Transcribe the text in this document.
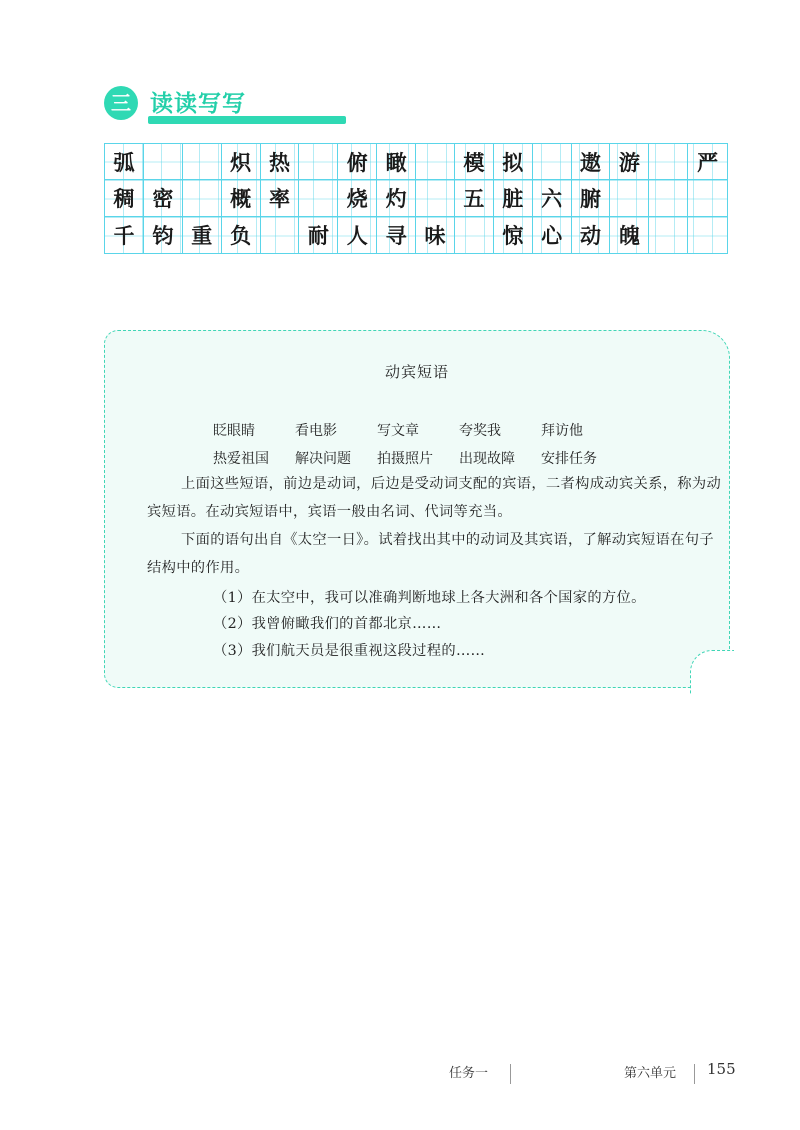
三 读读写写
弧	炽 热	俯 瞰	模 拟	遨 游	严
稠 密	概 率	烧 灼	五 脏 六 腑
千 钧 重 负	耐 人 寻 味	惊 心 动 魄
动宾短语
眨眼睛	看电影	写文章	夸奖我	拜访他
热爱祖国	解决问题	拍摄照片	出现故障	安排任务
上面这些短语，前边是动词，后边是受动词支配的宾语，二者构成动宾关系，称为动宾短语。在动宾短语中，宾语一般由名词、代词等充当。
下面的语句出自《太空一日》。试着找出其中的动词及其宾语，了解动宾短语在句子结构中的作用。
（1）在太空中，我可以准确判断地球上各大洲和各个国家的方位。
（2）我曾俯瞰我们的首都北京……
（3）我们航天员是很重视这段过程的……
任务一	第六单元 155
